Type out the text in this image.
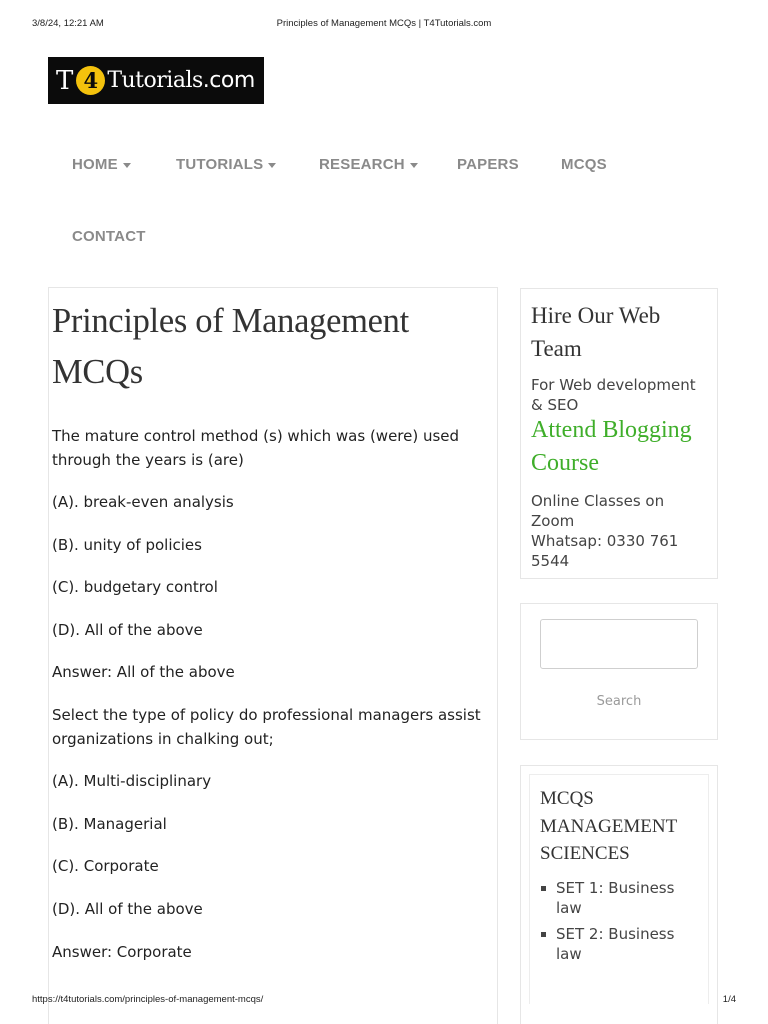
3/8/24, 12:21 AM	Principles of Management MCQs | T4Tutorials.com
T 4 Tutorials .com
HOME	TUTORIALS	RESEARCH	PAPERS	MCQS
CONTACT
Principles of Management
MCQs
The mature control method (s) which was (were) used
through the years is (are)
(A). break-even analysis
(B). unity of policies
(C). budgetary control
(D). All of the above
Answer: All of the above
Select the type of policy do professional managers assist
organizations in chalking out;
(A). Multi-disciplinary
(B). Managerial
(C). Corporate
(D). All of the above
Answer: Corporate
Hire Our Web
Team
For Web development
& SEO
Attend Blogging
Course
Online Classes on
Zoom
Whatsap: 0330 761
5544
Search
MCQS
MANAGEMENT
SCIENCES
SET 1: Business
law
SET 2: Business
law
https://t4tutorials.com/principles-of-management-mcqs/	1/4
